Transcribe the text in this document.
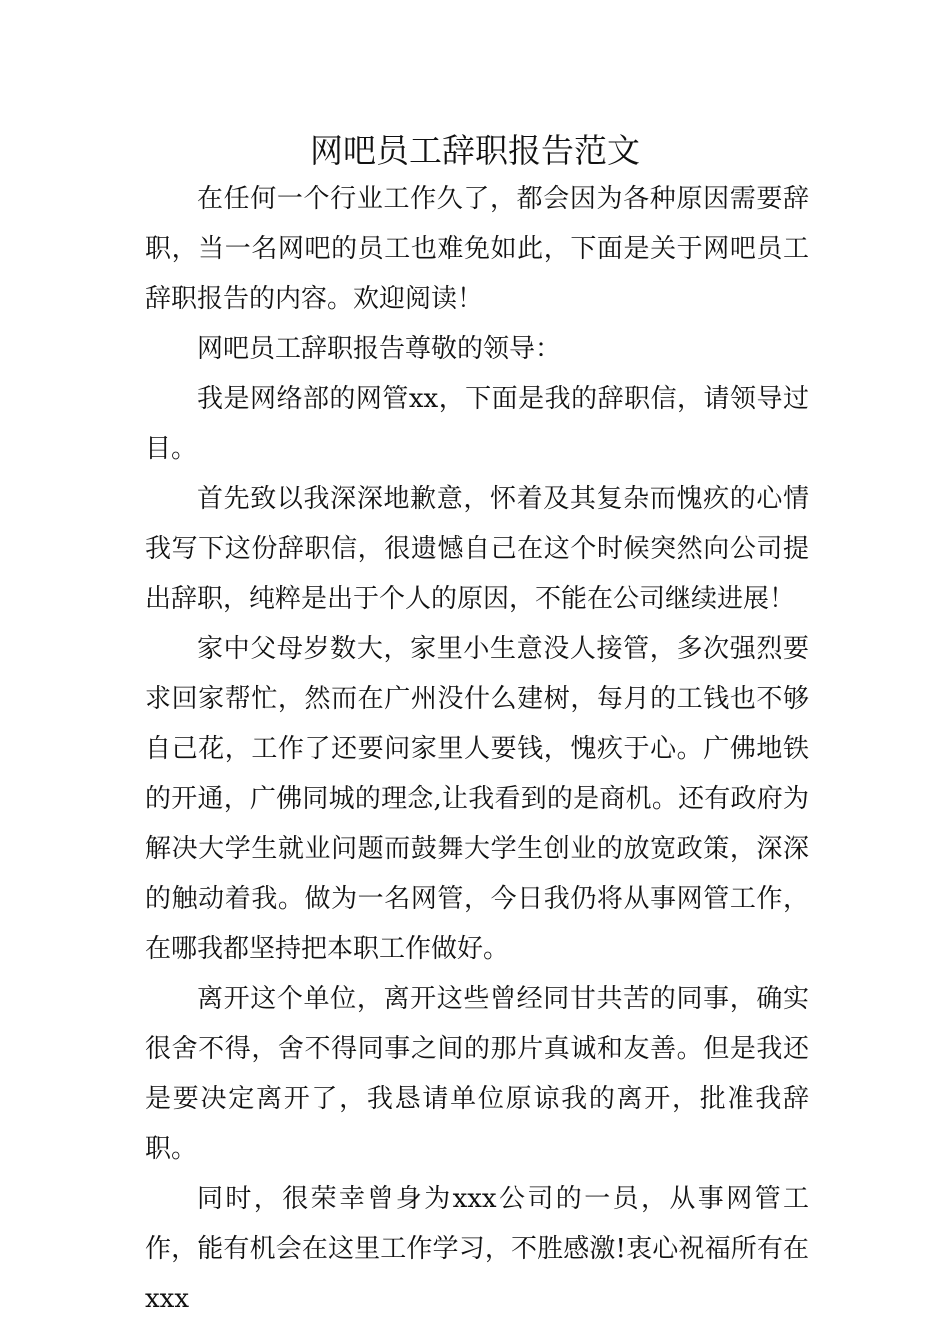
网吧员工辞职报告范文

在任何一个行业工作久了，都会因为各种原因需要辞职，当一名网吧的员工也难免如此，下面是关于网吧员工辞职报告的内容。欢迎阅读！

网吧员工辞职报告尊敬的领导：

我是网络部的网管xx，下面是我的辞职信，请领导过目。

首先致以我深深地歉意，怀着及其复杂而愧疚的心情我写下这份辞职信，很遗憾自己在这个时候突然向公司提出辞职，纯粹是出于个人的原因，不能在公司继续进展！

家中父母岁数大，家里小生意没人接管，多次强烈要求回家帮忙，然而在广州没什么建树，每月的工钱也不够自己花，工作了还要问家里人要钱，愧疚于心。广佛地铁的开通，广佛同城的理念,让我看到的是商机。还有政府为解决大学生就业问题而鼓舞大学生创业的放宽政策，深深的触动着我。做为一名网管，今日我仍将从事网管工作，在哪我都坚持把本职工作做好。

离开这个单位，离开这些曾经同甘共苦的同事，确实很舍不得，舍不得同事之间的那片真诚和友善。但是我还是要决定离开了，我恳请单位原谅我的离开，批准我辞职。

同时，很荣幸曾身为xxx公司的一员，从事网管工作，能有机会在这里工作学习，不胜感激!衷心祝福所有在xxx
